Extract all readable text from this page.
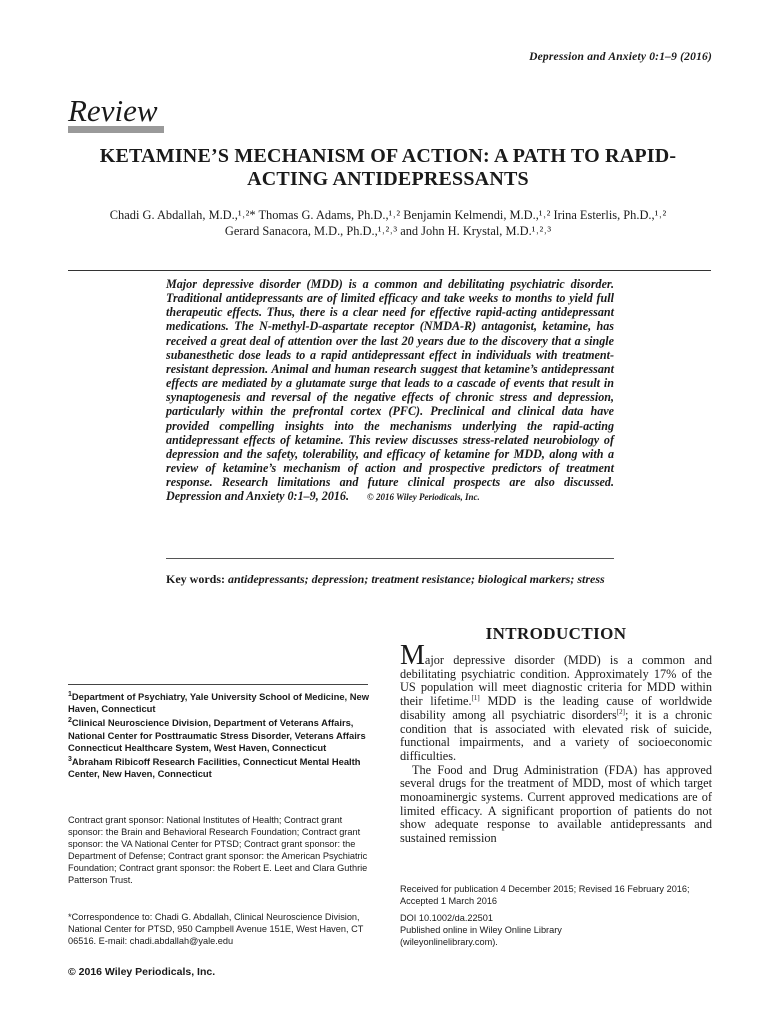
Depression and Anxiety 0:1–9 (2016)
Review
KETAMINE’S MECHANISM OF ACTION: A PATH TO RAPID-ACTING ANTIDEPRESSANTS
Chadi G. Abdallah, M.D.,¹˒²* Thomas G. Adams, Ph.D.,¹˒² Benjamin Kelmendi, M.D.,¹˒² Irina Esterlis, Ph.D.,¹˒²
Gerard Sanacora, M.D., Ph.D.,¹˒²˒³ and John H. Krystal, M.D.¹˒²˒³
Major depressive disorder (MDD) is a common and debilitating psychiatric disorder. Traditional antidepressants are of limited efficacy and take weeks to months to yield full therapeutic effects. Thus, there is a clear need for effective rapid-acting antidepressant medications. The N-methyl-D-aspartate receptor (NMDA-R) antagonist, ketamine, has received a great deal of attention over the last 20 years due to the discovery that a single subanesthetic dose leads to a rapid antidepressant effect in individuals with treatment-resistant depression. Animal and human research suggest that ketamine’s antidepressant effects are mediated by a glutamate surge that leads to a cascade of events that result in synaptogenesis and reversal of the negative effects of chronic stress and depression, particularly within the prefrontal cortex (PFC). Preclinical and clinical data have provided compelling insights into the mechanisms underlying the rapid-acting antidepressant effects of ketamine. This review discusses stress-related neurobiology of depression and the safety, tolerability, and efficacy of ketamine for MDD, along with a review of ketamine’s mechanism of action and prospective predictors of treatment response. Research limitations and future clinical prospects are also discussed. Depression and Anxiety 0:1–9, 2016. © 2016 Wiley Periodicals, Inc.
Key words: antidepressants; depression; treatment resistance; biological markers; stress
INTRODUCTION

Major depressive disorder (MDD) is a common and debilitating psychiatric condition. Approximately 17% of the US population will meet diagnostic criteria for MDD within their lifetime.[1] MDD is the leading cause of worldwide disability among all psychiatric disorders[2]; it is a chronic condition that is associated with elevated risk of suicide, functional impairments, and a variety of socioeconomic difficulties.

The Food and Drug Administration (FDA) has approved several drugs for the treatment of MDD, most of which target monoaminergic systems. Current approved medications are of limited efficacy. A significant proportion of patients do not show adequate response to available antidepressants and sustained remission

$^1$Department of Psychiatry, Yale University School of Medicine, New Haven, Connecticut

$^2$Clinical Neuroscience Division, Department of Veterans Affairs, National Center for Posttraumatic Stress Disorder, Veterans Affairs Connecticut Healthcare System, West Haven, Connecticut

$^3$Abraham Ribicoff Research Facilities, Connecticut Mental Health Center, New Haven, Connecticut

Contract grant sponsor: National Institutes of Health; Contract grant sponsor: the Brain and Behavioral Research Foundation; Contract grant sponsor: the VA National Center for PTSD; Contract grant sponsor: the Department of Defense; Contract grant sponsor: the American Psychiatric Foundation; Contract grant sponsor: the Robert E. Leet and Clara Guthrie Patterson Trust.
*Correspondence to: Chadi G. Abdallah, Clinical Neuroscience Division, National Center for PTSD, 950 Campbell Avenue 151E, West Haven, CT 06516. E-mail: chadi.abdallah@yale.edu
© 2016 Wiley Periodicals, Inc.
Received for publication 4 December 2015; Revised 16 February 2016; Accepted 1 March 2016
DOI 10.1002/da.22501
Published online in Wiley Online Library
(wileyonlinelibrary.com).
